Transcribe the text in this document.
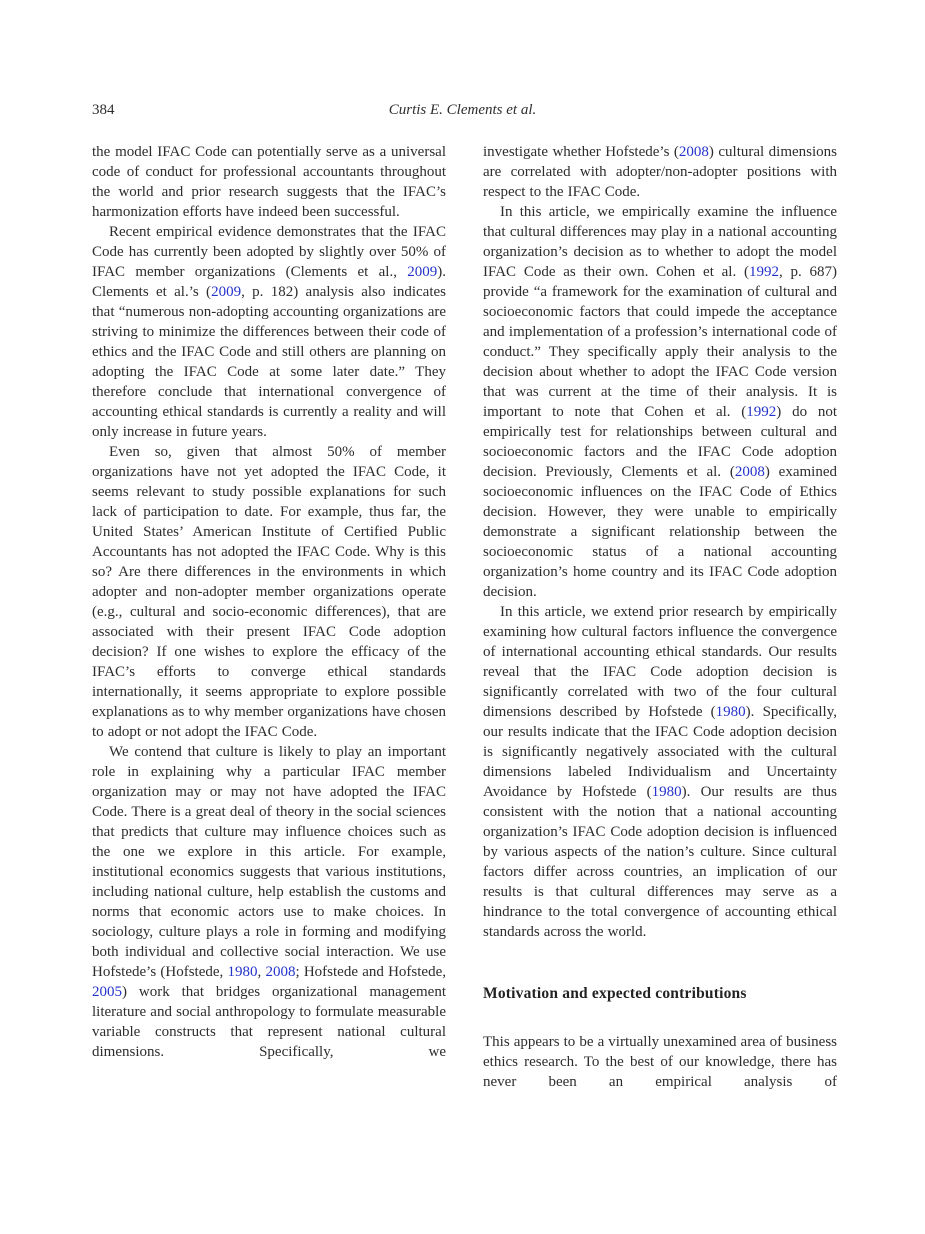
384	Curtis E. Clements et al.

the model IFAC Code can potentially serve as a universal code of conduct for professional accountants throughout the world and prior research suggests that the IFAC’s harmonization efforts have indeed been successful.

Recent empirical evidence demonstrates that the IFAC Code has currently been adopted by slightly over 50% of IFAC member organizations (Clements et al., 2009). Clements et al.’s (2009, p. 182) analysis also indicates that “numerous non-adopting accounting organizations are striving to minimize the differences between their code of ethics and the IFAC Code and still others are planning on adopting the IFAC Code at some later date.” They therefore conclude that international convergence of accounting ethical standards is currently a reality and will only increase in future years.

Even so, given that almost 50% of member organizations have not yet adopted the IFAC Code, it seems relevant to study possible explanations for such lack of participation to date. For example, thus far, the United States’ American Institute of Certified Public Accountants has not adopted the IFAC Code. Why is this so? Are there differences in the environments in which adopter and non-adopter member organizations operate (e.g., cultural and socio-economic differences), that are associated with their present IFAC Code adoption decision? If one wishes to explore the efficacy of the IFAC’s efforts to converge ethical standards internationally, it seems appropriate to explore possible explanations as to why member organizations have chosen to adopt or not adopt the IFAC Code.

We contend that culture is likely to play an important role in explaining why a particular IFAC member organization may or may not have adopted the IFAC Code. There is a great deal of theory in the social sciences that predicts that culture may influence choices such as the one we explore in this article. For example, institutional economics suggests that various institutions, including national culture, help establish the customs and norms that economic actors use to make choices. In sociology, culture plays a role in forming and modifying both individual and collective social interaction. We use Hofstede’s (Hofstede, 1980, 2008; Hofstede and Hofstede, 2005) work that bridges organizational management literature and social anthropology to formulate measurable variable constructs that represent national cultural dimensions. Specifically, we

investigate whether Hofstede’s (2008) cultural dimensions are correlated with adopter/non-adopter positions with respect to the IFAC Code.

In this article, we empirically examine the influence that cultural differences may play in a national accounting organization’s decision as to whether to adopt the model IFAC Code as their own. Cohen et al. (1992, p. 687) provide “a framework for the examination of cultural and socioeconomic factors that could impede the acceptance and implementation of a profession’s international code of conduct.” They specifically apply their analysis to the decision about whether to adopt the IFAC Code version that was current at the time of their analysis. It is important to note that Cohen et al. (1992) do not empirically test for relationships between cultural and socioeconomic factors and the IFAC Code adoption decision. Previously, Clements et al. (2008) examined socioeconomic influences on the IFAC Code of Ethics decision. However, they were unable to empirically demonstrate a significant relationship between the socioeconomic status of a national accounting organization’s home country and its IFAC Code adoption decision.

In this article, we extend prior research by empirically examining how cultural factors influence the convergence of international accounting ethical standards. Our results reveal that the IFAC Code adoption decision is significantly correlated with two of the four cultural dimensions described by Hofstede (1980). Specifically, our results indicate that the IFAC Code adoption decision is significantly negatively associated with the cultural dimensions labeled Individualism and Uncertainty Avoidance by Hofstede (1980). Our results are thus consistent with the notion that a national accounting organization’s IFAC Code adoption decision is influenced by various aspects of the nation’s culture. Since cultural factors differ across countries, an implication of our results is that cultural differences may serve as a hindrance to the total convergence of accounting ethical standards across the world.

Motivation and expected contributions

This appears to be a virtually unexamined area of business ethics research. To the best of our knowledge, there has never been an empirical analysis of
